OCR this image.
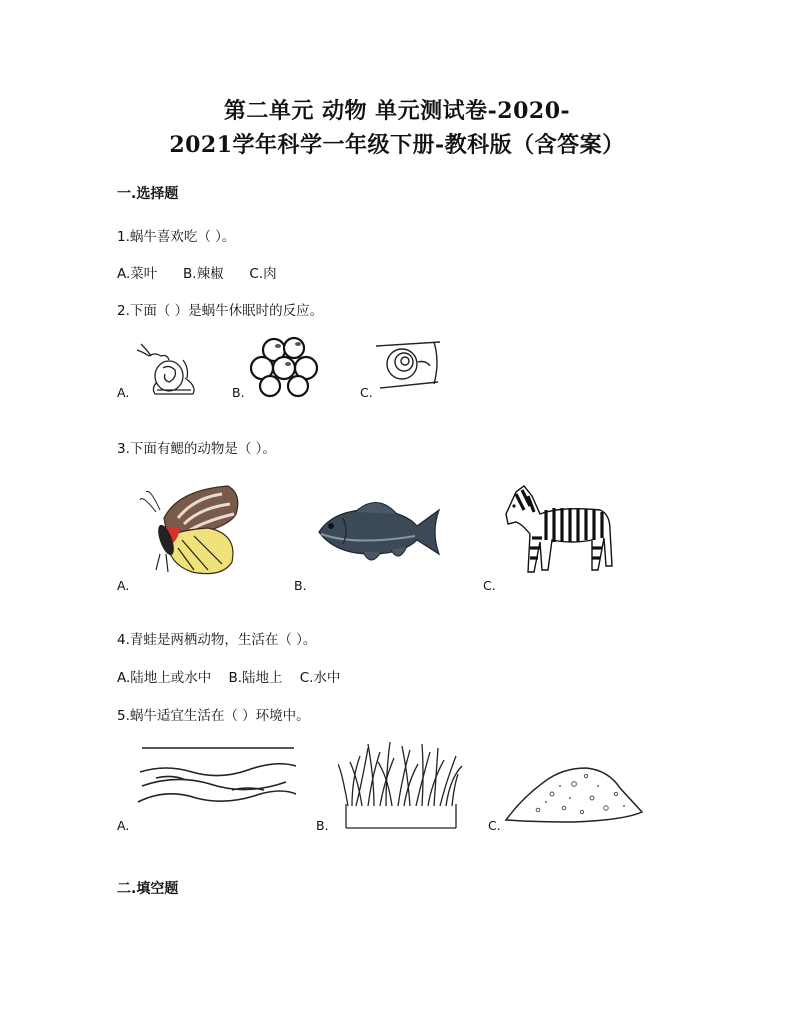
第二单元 动物 单元测试卷-2020-
2021学年科学一年级下册-教科版（含答案）
一.选择题
1.蜗牛喜欢吃（ ）。
A.菜叶 B.辣椒 C.肉
2.下面（ ）是蜗牛休眠时的反应。
A.	B.	C.
3.下面有鳃的动物是（ ）。
A.	B.	C.
4.青蛙是两栖动物，生活在（ ）。
A.陆地上或水中 B.陆地上 C.水中
5.蜗牛适宜生活在（ ）环境中。
A.	B.	C.
二.填空题
